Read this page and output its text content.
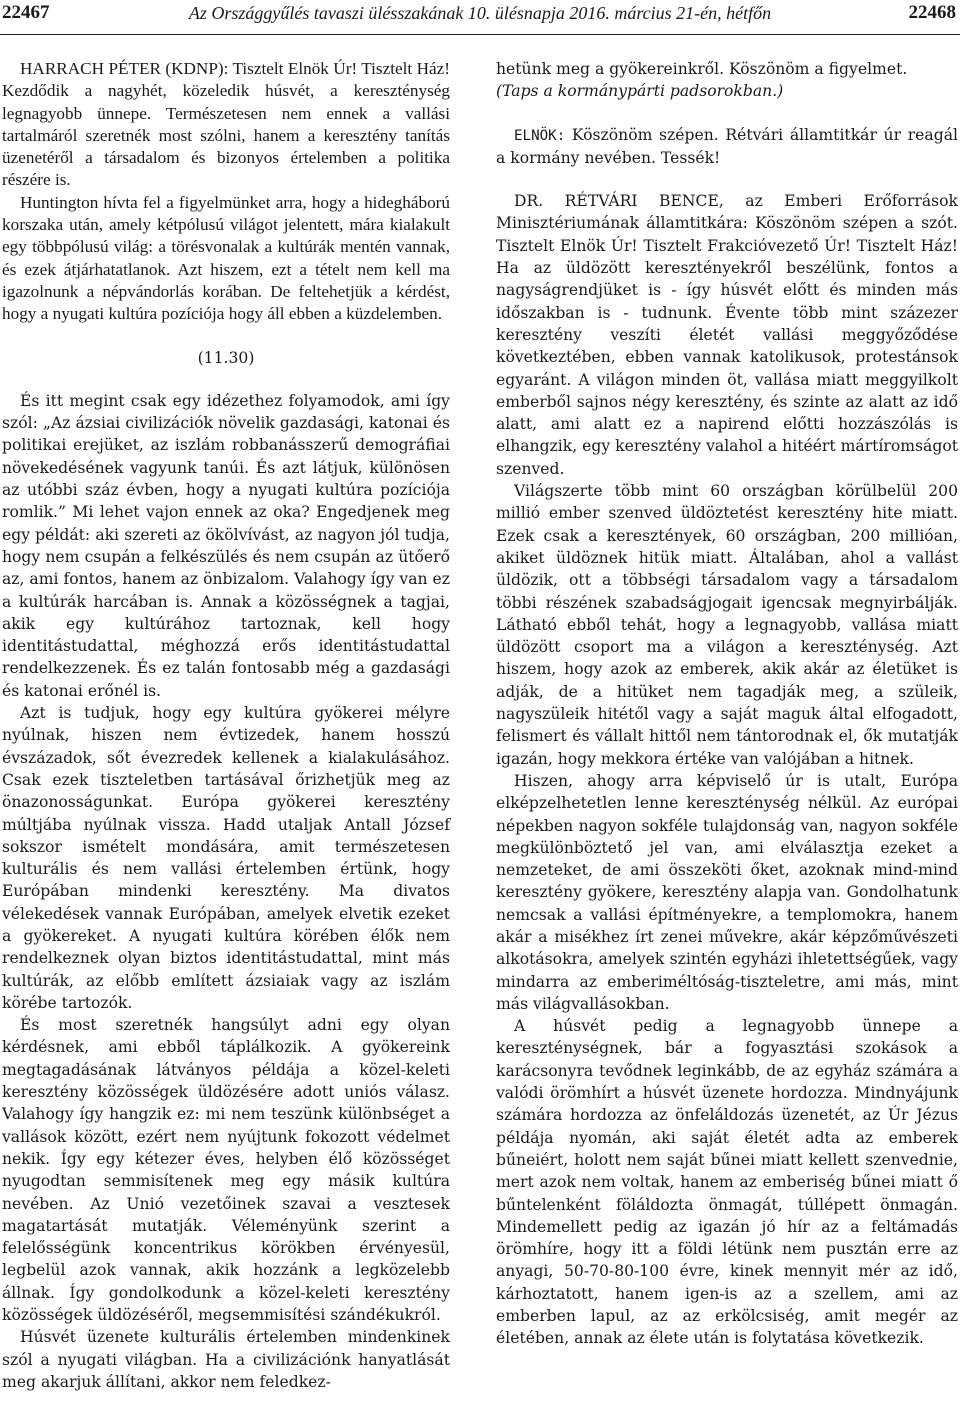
22467	Az Országgyűlés tavaszi ülésszakának 10. ülésnapja 2016. március 21-én, hétfőn	22468

HARRACH PÉTER (KDNP): Tisztelt Elnök Úr! Tisztelt Ház! Kezdődik a nagyhét, közeledik húsvét, a kereszténység legnagyobb ünnepe. Természetesen nem ennek a vallási tartalmáról szeretnék most szólni, hanem a keresztény tanítás üzenetéről a társadalom és bizonyos értelemben a politika részére is.

Huntington hívta fel a figyelmünket arra, hogy a hidegháború korszaka után, amely kétpólusú világot jelentett, mára kialakult egy többpólusú világ: a törésvonalak a kultúrák mentén vannak, és ezek átjárhatatlanok. Azt hiszem, ezt a tételt nem kell ma igazolnunk a népvándorlás korában. De feltehetjük a kérdést, hogy a nyugati kultúra pozíciója hogy áll ebben a küzdelemben.

(11.30)

És itt megint csak egy idézethez folyamodok, ami így szól: „Az ázsiai civilizációk növelik gazdasági, katonai és politikai erejüket, az iszlám robbanásszerű demográfiai növekedésének vagyunk tanúi. És azt látjuk, különösen az utóbbi száz évben, hogy a nyugati kultúra pozíciója romlik.” Mi lehet vajon ennek az oka? Engedjenek meg egy példát: aki szereti az ökölvívást, az nagyon jól tudja, hogy nem csupán a felkészülés és nem csupán az ütőerő az, ami fontos, hanem az önbizalom. Valahogy így van ez a kultúrák harcában is. Annak a közösségnek a tagjai, akik egy kultúrához tartoznak, kell hogy identitástudattal, méghozzá erős identitástudattal rendelkezzenek. És ez talán fontosabb még a gazdasági és katonai erőnél is.

Azt is tudjuk, hogy egy kultúra gyökerei mélyre nyúlnak, hiszen nem évtizedek, hanem hosszú évszázadok, sőt évezredek kellenek a kialakulásához. Csak ezek tiszteletben tartásával őrizhetjük meg az önazonosságunkat. Európa gyökerei keresztény múltjába nyúlnak vissza. Hadd utaljak Antall József sokszor ismételt mondására, amit természetesen kulturális és nem vallási értelemben értünk, hogy Európában mindenki keresztény. Ma divatos vélekedések vannak Európában, amelyek elvetik ezeket a gyökereket. A nyugati kultúra körében élők nem rendelkeznek olyan biztos identitástudattal, mint más kultúrák, az előbb említett ázsiaiak vagy az iszlám körébe tartozók.

És most szeretnék hangsúlyt adni egy olyan kérdésnek, ami ebből táplálkozik. A gyökereink megtagadásának látványos példája a közel-keleti keresztény közösségek üldözésére adott uniós válasz. Valahogy így hangzik ez: mi nem teszünk különbséget a vallások között, ezért nem nyújtunk fokozott védelmet nekik. Így egy kétezer éves, helyben élő közösséget nyugodtan semmisítenek meg egy másik kultúra nevében. Az Unió vezetőinek szavai a vesztesek magatartását mutatják. Véleményünk szerint a felelősségünk koncentrikus körökben érvényesül, legbelül azok vannak, akik hozzánk a legközelebb állnak. Így gondolkodunk a közel-keleti keresztény közösségek üldözéséről, megsemmisítési szándékukról.

Húsvét üzenete kulturális értelemben mindenkinek szól a nyugati világban. Ha a civilizációnk hanyatlását meg akarjuk állítani, akkor nem feledkez-

hetünk meg a gyökereinkről. Köszönöm a figyelmet.

(Taps a kormánypárti padsorokban.)

ELNÖK: Köszönöm szépen. Rétvári államtitkár úr reagál a kormány nevében. Tessék!

DR. RÉTVÁRI BENCE, az Emberi Erőforrások Minisztériumának államtitkára: Köszönöm szépen a szót. Tisztelt Elnök Úr! Tisztelt Frakcióvezető Úr! Tisztelt Ház! Ha az üldözött keresztényekről beszélünk, fontos a nagyságrendjüket is - így húsvét előtt és minden más időszakban is - tudnunk. Évente több mint százezer keresztény veszíti életét vallási meggyőződése következtében, ebben vannak katolikusok, protestánsok egyaránt. A világon minden öt, vallása miatt meggyilkolt emberből sajnos négy keresztény, és szinte az alatt az idő alatt, ami alatt ez a napirend előtti hozzászólás is elhangzik, egy keresztény valahol a hitéért mártíromságot szenved.

Világszerte több mint 60 országban körülbelül 200 millió ember szenved üldöztetést keresztény hite miatt. Ezek csak a keresztények, 60 országban, 200 millióan, akiket üldöznek hitük miatt. Általában, ahol a vallást üldözik, ott a többségi társadalom vagy a társadalom többi részének szabadságjogait igencsak megnyirbálják. Látható ebből tehát, hogy a legnagyobb, vallása miatt üldözött csoport ma a világon a kereszténység. Azt hiszem, hogy azok az emberek, akik akár az életüket is adják, de a hitüket nem tagadják meg, a szüleik, nagyszüleik hitétől vagy a saját maguk által elfogadott, felismert és vállalt hittől nem tántorodnak el, ők mutatják igazán, hogy mekkora értéke van valójában a hitnek.

Hiszen, ahogy arra képviselő úr is utalt, Európa elképzelhetetlen lenne kereszténység nélkül. Az európai népekben nagyon sokféle tulajdonság van, nagyon sokféle megkülönböztető jel van, ami elválasztja ezeket a nemzeteket, de ami összeköti őket, azoknak mind-mind keresztény gyökere, keresztény alapja van. Gondolhatunk nemcsak a vallási építményekre, a templomokra, hanem akár a misékhez írt zenei művekre, akár képzőművészeti alkotásokra, amelyek szintén egyházi ihletettségűek, vagy mindarra az emberiméltóság-tiszteletre, ami más, mint más világvallásokban.

A húsvét pedig a legnagyobb ünnepe a kereszténységnek, bár a fogyasztási szokások a karácsonyra tevődnek leginkább, de az egyház számára a valódi örömhírt a húsvét üzenete hordozza. Mindnyájunk számára hordozza az önfeláldozás üzenetét, az Úr Jézus példája nyomán, aki saját életét adta az emberek bűneiért, holott nem saját bűnei miatt kellett szenvednie, mert azok nem voltak, hanem az emberiség bűnei miatt ő bűntelenként föláldozta önmagát, túllépett önmagán. Mindemellett pedig az igazán jó hír az a feltámadás örömhíre, hogy itt a földi létünk nem pusztán erre az anyagi, 50-70-80-100 évre, kinek mennyit mér az idő, kárhoztatott, hanem igen-is az a szellem, ami az emberben lapul, az az erkölcsiség, amit megér az életében, annak az élete után is folytatása következik.
